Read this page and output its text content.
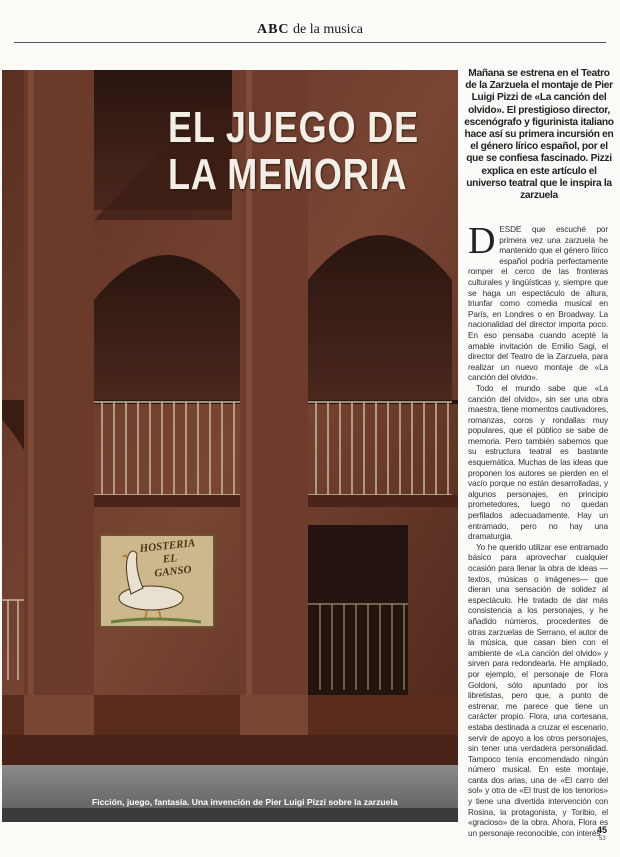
ABC de la musica
EL JUEGO DE
LA MEMORIA
HOSTERIA
EL
GANSO
Ficción, juego, fantasía. Una invención de Pier Luigi Pizzi sobre la zarzuela
Mañana se estrena en el Teatro de la Zarzuela el montaje de Pier Luigi Pizzi de «La canción del olvido». El prestigioso director, escenógrafo y figurinista italiano hace así su primera incursión en el género lírico español, por el que se confiesa fascinado. Pizzi explica en este artículo el universo teatral que le inspira la zarzuela

DESDE que escuché por primera vez una zarzuela he mantenido que el género lírico español podría perfectamente romper el cerco de las fronteras culturales y lingüísticas y, siempre que se haga un espectáculo de altura, triunfar como comedia musical en París, en Londres o en Broadway. La nacionalidad del director importa poco. En eso pensaba cuando acepté la amable invitación de Emilio Sagi, el director del Teatro de la Zarzuela, para realizar un nuevo montaje de «La canción del olvido».

Todo el mundo sabe que «La canción del olvido», sin ser una obra maestra, tiene momentos cautivadores, romanzas, coros y rondallas muy populares, que el público se sabe de memoria. Pero también sabemos que su estructura teatral es bastante esquemática. Muchas de las ideas que proponen los autores se pierden en el vacío porque no están desarrolladas, y algunos personajes, en principio prometedores, luego no quedan perfilados adecuadamente. Hay un entramado, pero no hay una dramaturgia.

Yo he querido utilizar ese entramado básico para aprovechar cualquier ocasión para llenar la obra de ideas —textos, músicas o imágenes— que dieran una sensación de solidez al espectáculo. He tratado de dar más consistencia a los personajes, y he añadido números, procedentes de otras zarzuelas de Serrano, el autor de la música, que casan bien con el ambiente de «La canción del olvido» y sirven para redondearla. He ampliado, por ejemplo, el personaje de Flora Goldoni, sólo apuntado por los libretistas, pero que, a punto de estrenar, me parece que tiene un carácter propio. Flora, una cortesana, estaba destinada a cruzar el escenario, servir de apoyo a los otros personajes, sin tener una verdadera personalidad. Tampoco tenía encomendado ningún número musical. En este montaje, canta dos arias, una de «El carro del sol» y otra de «El trust de los tenorios» y tiene una divertida intervención con Rosina, la protagonista, y Toribio, el «gracioso» de la obra. Ahora, Flora es un personaje reconocible, con interés

45
53
